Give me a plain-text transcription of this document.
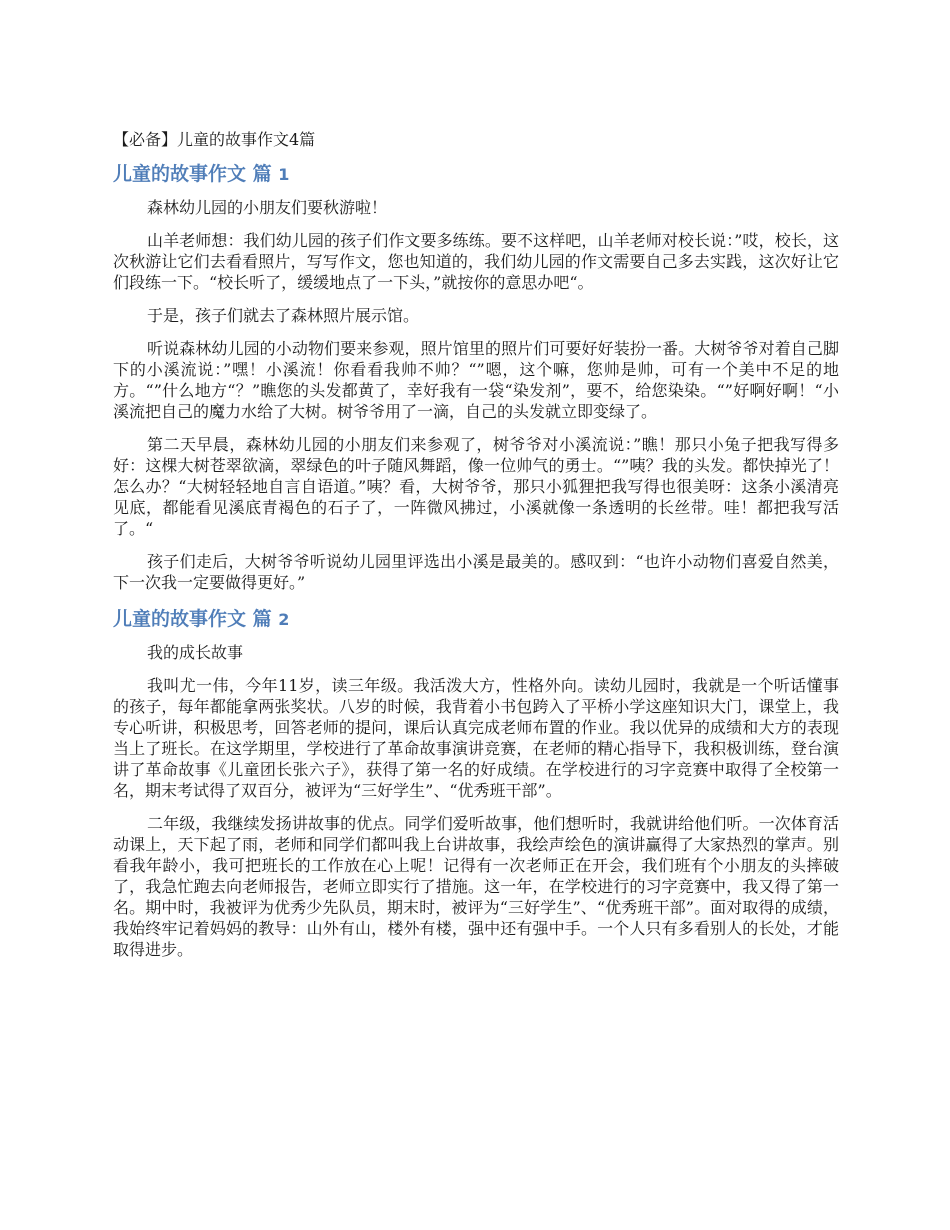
【必备】儿童的故事作文4篇
儿童的故事作文 篇 1

森林幼儿园的小朋友们要秋游啦！

山羊老师想：我们幼儿园的孩子们作文要多练练。要不这样吧，山羊老师对校长说：”哎，校长，这次秋游让它们去看看照片，写写作文，您也知道的，我们幼儿园的作文需要自己多去实践，这次好让它们段练一下。“校长听了，缓缓地点了一下头，”就按你的意思办吧“。

于是，孩子们就去了森林照片展示馆。

听说森林幼儿园的小动物们要来参观，照片馆里的照片们可要好好装扮一番。大树爷爷对着自己脚下的小溪流说：”嘿！小溪流！你看看我帅不帅？“”嗯，这个嘛，您帅是帅，可有一个美中不足的地方。“”什么地方“？”瞧您的头发都黄了，幸好我有一袋“染发剂”，要不，给您染染。“”好啊好啊！“小溪流把自己的魔力水给了大树。树爷爷用了一滴，自己的头发就立即变绿了。

第二天早晨，森林幼儿园的小朋友们来参观了，树爷爷对小溪流说：”瞧！那只小兔子把我写得多好：这棵大树苍翠欲滴，翠绿色的叶子随风舞蹈，像一位帅气的勇士。“”咦？我的头发。都快掉光了！怎么办？“大树轻轻地自言自语道。”咦？看，大树爷爷，那只小狐狸把我写得也很美呀：这条小溪清亮见底，都能看见溪底青褐色的石子了，一阵微风拂过，小溪就像一条透明的长丝带。哇！都把我写活了。“

孩子们走后，大树爷爷听说幼儿园里评选出小溪是最美的。感叹到：“也许小动物们喜爱自然美，下一次我一定要做得更好。”

儿童的故事作文 篇 2

我的成长故事

我叫尤一伟，今年11岁，读三年级。我活泼大方，性格外向。读幼儿园时，我就是一个听话懂事的孩子，每年都能拿两张奖状。八岁的时候，我背着小书包跨入了平桥小学这座知识大门，课堂上，我专心听讲，积极思考，回答老师的提问，课后认真完成老师布置的作业。我以优异的成绩和大方的表现当上了班长。在这学期里，学校进行了革命故事演讲竞赛，在老师的精心指导下，我积极训练，登台演讲了革命故事《儿童团长张六子》，获得了第一名的好成绩。在学校进行的习字竞赛中取得了全校第一名，期末考试得了双百分，被评为“三好学生”、“优秀班干部”。

二年级，我继续发扬讲故事的优点。同学们爱听故事，他们想听时，我就讲给他们听。一次体育活动课上，天下起了雨，老师和同学们都叫我上台讲故事，我绘声绘色的演讲赢得了大家热烈的掌声。别看我年龄小，我可把班长的工作放在心上呢！记得有一次老师正在开会，我们班有个小朋友的头摔破了，我急忙跑去向老师报告，老师立即实行了措施。这一年，在学校进行的习字竞赛中，我又得了第一名。期中时，我被评为优秀少先队员，期末时，被评为“三好学生”、“优秀班干部”。面对取得的成绩，我始终牢记着妈妈的教导：山外有山，楼外有楼，强中还有强中手。一个人只有多看别人的长处，才能取得进步。
